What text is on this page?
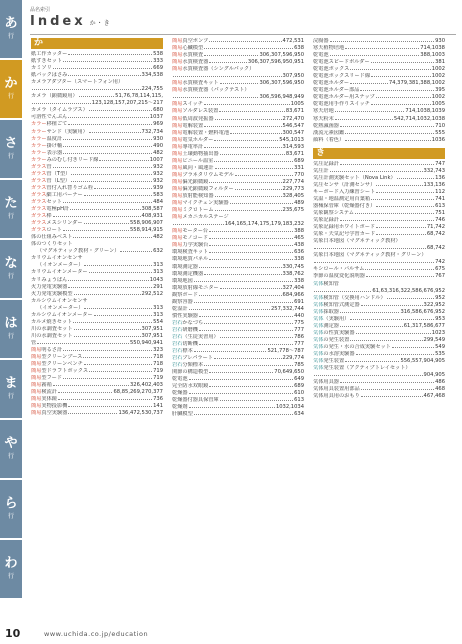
あ
行
か
行
さ
行
た
行
な
行
は
行
ま
行
や
行
ら
行
わ
行
品名索引
Index か・き
か
紙工作カッター	538
紙すきセット	333
カミソリ	669
紙バックはさみ	334,538
カメラアダプター（スマートフォン用）
224,755
カメラ（顕微鏡用）	51,76,78,114,115,
123,128,157,207,215〜217
カメラ（タイムラプス）	680
可溶性でんぷん	1037
カラー移植ごて	969
カラーサンド（実験用）	732,734
カラー温度計	930
カラー掛け軸	490
カラー表示器	482
カラーみのむし付きリード線	1007
ガラス管	932
ガラス管（T型）	932
ガラス管（L型）	932
ガラス管付入れ替りゴム栓	939
ガラス細工用バーナー	583
ガラスセット	484
ガラス電極pH計	308,587
ガラス棒	408,931
ガラスメスシリンダー	558,906,907
ガラスロート	558,914,915
体の仕組みベスト	482
体のつくりセット
（マグネティック教材・グリーン）	632
カリウムイオンセンサ
（イオンメーター）	313
カリウムイオンメーター	313
カリみょうばん	1043
火力発電実験器	291
火力発電実験模型	292,512
カルシウムイオンセンサ
（イオンメーター）	313
カルシウムイオンメーター	313
カルメ焼きセット	554
川の水調査セット	307,951
川の水調査セット	307,951
管	550,940,941
簡易明るさ計	323
簡易型クリーンブース	718
簡易型クリーンベンチ	718
簡易型ドラフトボックス	719
簡易型フード	719
簡易霧箱	326,402,403
簡易検流計	68,85,269,270,377
簡易実体鏡	736
簡易実物投影機	141
簡易真空実験器	136,472,530,737
簡易真空ポンプ	472,531
簡易心臓模型	638
簡易水質検査	306,307,596,950
簡易水質検査器	306,307,596,950,951
簡易水質検査器（シングルパック）
307,950
簡易水質検査キット	306,307,596,950
簡易水質検査器（パックテスト）
306,596,948,949
簡易スイッチ	1005
簡易ソルダレス装置	83,671
簡易低周波発振器	272,470
簡易電解装置	546,547
簡易電解装置・燃料電池	300,547
簡易電気ホルダー	545,1013
簡易導電率計	314,593
簡易土壌動物抽出器	83,671
簡易ビニール温室	689
簡易風向・風速計	331
簡易プラネタリウムモデル	770
簡易偏光顕微鏡	227,774
簡易偏光顕微鏡フィルター	229,773
簡易放射能検知器	328,405
簡易マイクチェン実験器	489
簡易ミクロトーム	235,675
簡易メカニカルステージ
164,165,174,175,179,183,232
簡易モーター台	388
簡易モノコード	465
簡易力学実験台	438
環境検査キット	636
環境地質パネル	338
環境測定器	330,745
環境測定機器	338,762
環境地図	338
環境放射線モニター	327,404
観察ボード	684,966
観察容器	691
乾湿計	257,332,744
慣性実験器	440
岩石かなづち	775
岩石研磨機	777
岩石（生徒実習用）	786
岩石切断機	777
岩石標本	521,778〜787
岩石プレパラート	229,774
岩石分類標本	785
関節の構造模型	70,649,650
乾電池	649
完全防水双眼鏡	689
乾燥器	610
乾燥器付器具保管庫	613
乾燥剤	1032,1034
肝臓模型	634
浣腸器	930
寒天植物培地	714,1038
乾電池	388,1003
乾電池スピードボルダー	381
乾電池ボックス	1002
乾電池ボックスリード線	1002
乾電池ホルダー	74,379,381,388,1002
乾電池ホルダー部品	395
乾電池ホルダー用スナップ	1002
乾電池用手作りスイッチ	1005
寒天培地	714,1038,1039
寒天粉末	542,714,1032,1038
乾熱滅菌器	710
漢流元素図鑑	555
顔料（着色）	1036
き
気圧記録計	747
気圧計	332,743
気圧計測実験セット（Nova Link）	136
気圧センサ（計測センサ）	133,136
キーボード入力練習シート	112
気温・地温測定用百葉箱	741
器械保管庫（乾燥器付き）	613
気象観察システム	751
気象記録計	746
気象記録用ホワイトボード	71,742
気象・天気記号学習カード	68,742
気象日本地図（マグネティック教材）
68,742
気象日本地図（マグネティック教材・グリーン）
742
キシロール・バルサム	675
季節の温度変化説明器	767
気体検知管
61,63,316,322,586,676,952
気体検知管（交換用ハンドル）	952
気体検知管式測定器	322,952
気体採取器	316,586,676,952
気体（実験用）	953
気体測定器	61,317,586,677
気体の性質実験器	1023
気体の発生装置	299,549
気体の発生・水の合成実験セット	549
気体の水溶実験器	535
気体発生装置	556,557,904,905
気体発生装置（アクティブトレイセット）
904,905
気体用具器	486
気体用具装置用部品	468
気体用具用のおもり	467,468
10	www.uchida.co.jp/education
